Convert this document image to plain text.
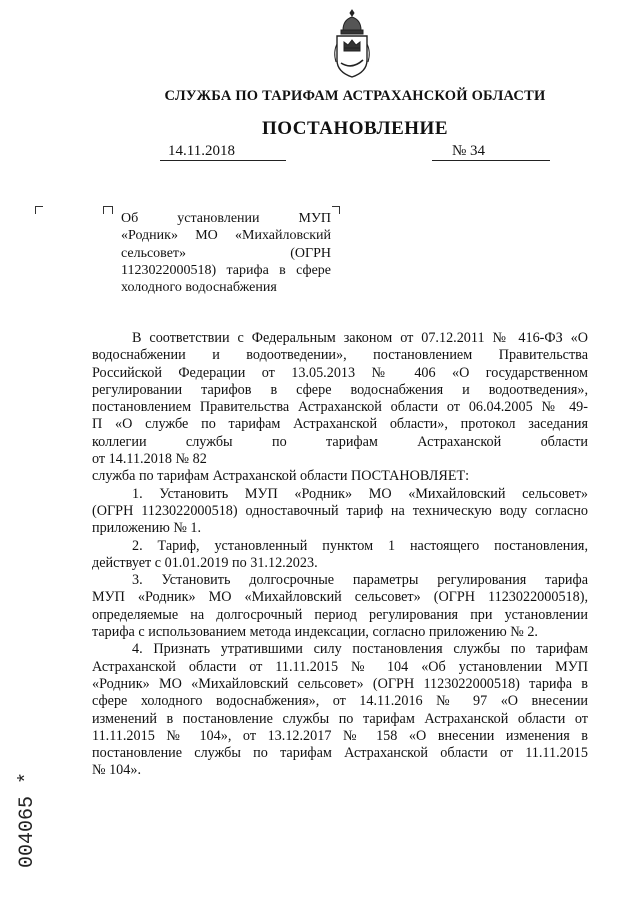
СЛУЖБА ПО ТАРИФАМ АСТРАХАНСКОЙ ОБЛАСТИ
ПОСТАНОВЛЕНИЕ
14.11.2018	№ 34
Об установлении МУП
«Родник» МО «Михайловский
сельсовет» (ОГРН
1123022000518) тарифа в сфере
холодного водоснабжения
В соответствии с Федеральным законом от 07.12.2011 № 416-ФЗ «О
водоснабжении и водоотведении», постановлением Правительства
Российской Федерации от 13.05.2013 № 406 «О государственном
регулировании тарифов в сфере водоснабжения и водоотведения»,
постановлением Правительства Астраханской области от 06.04.2005 № 49-
П «О службе по тарифам Астраханской области», протокол заседания
коллегии службы по тарифам Астраханской области
от 14.11.2018 № 82
служба по тарифам Астраханской области ПОСТАНОВЛЯЕТ:
1. Установить МУП «Родник» МО «Михайловский сельсовет»
(ОГРН 1123022000518) одноставочный тариф на техническую воду согласно
приложению № 1.
2. Тариф, установленный пунктом 1 настоящего постановления,
действует с 01.01.2019 по 31.12.2023.
3. Установить долгосрочные параметры регулирования тарифа
МУП «Родник» МО «Михайловский сельсовет» (ОГРН 1123022000518),
определяемые на долгосрочный период регулирования при установлении
тарифа с использованием метода индексации, согласно приложению № 2.
4. Признать утратившими силу постановления службы по тарифам
Астраханской области от 11.11.2015 № 104 «Об установлении МУП
«Родник» МО «Михайловский сельсовет» (ОГРН 1123022000518) тарифа в
сфере холодного водоснабжения», от 14.11.2016 № 97 «О внесении
изменений в постановление службы по тарифам Астраханской области от
11.11.2015 № 104», от 13.12.2017 № 158 «О внесении изменения в
постановление службы по тарифам Астраханской области от 11.11.2015
№ 104».
004065 *
